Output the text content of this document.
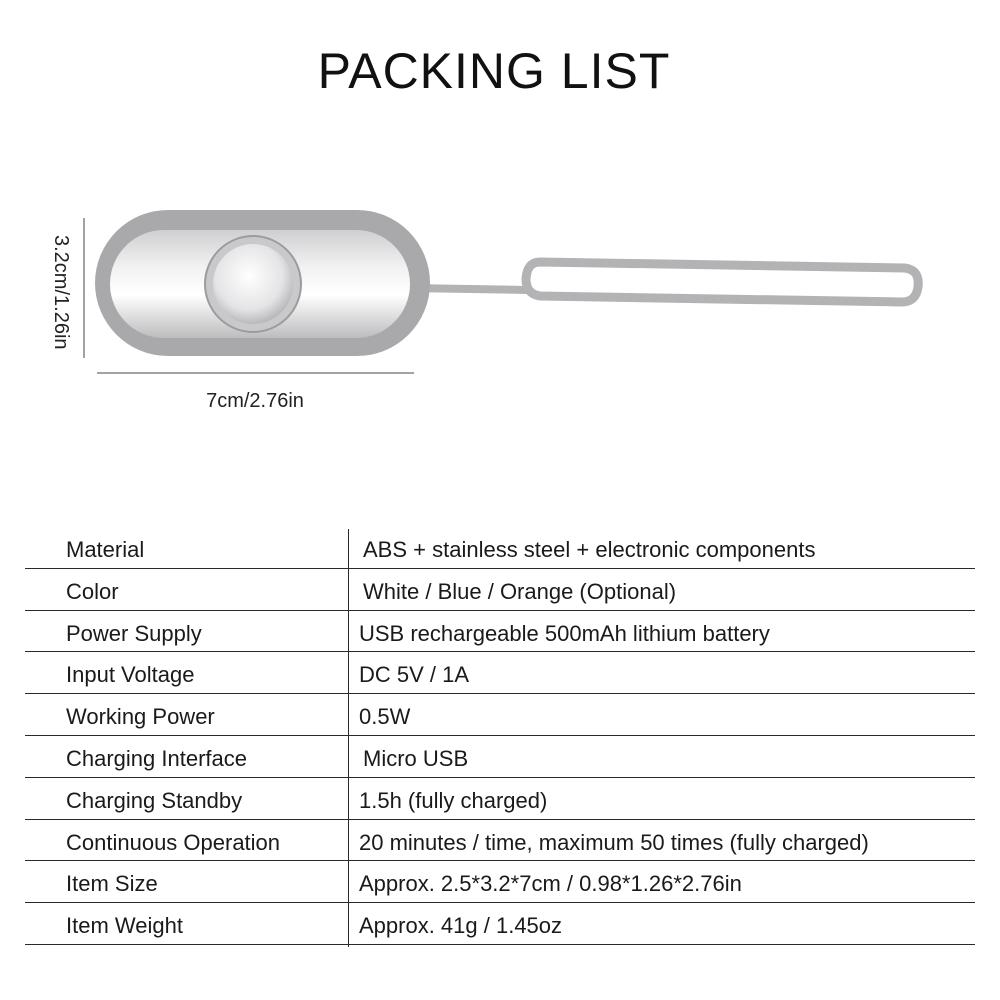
PACKING LIST
3.2cm/1.26in
7cm/2.76in
Material	ABS + stainless steel + electronic components
Color	White / Blue / Orange (Optional)
Power Supply	USB rechargeable 500mAh lithium battery
Input Voltage	DC 5V / 1A
Working Power	0.5W
Charging Interface	Micro USB
Charging Standby	1.5h (fully charged)
Continuous Operation	20 minutes / time, maximum 50 times (fully charged)
Item Size	Approx. 2.5*3.2*7cm / 0.98*1.26*2.76in
Item Weight	Approx. 41g / 1.45oz
